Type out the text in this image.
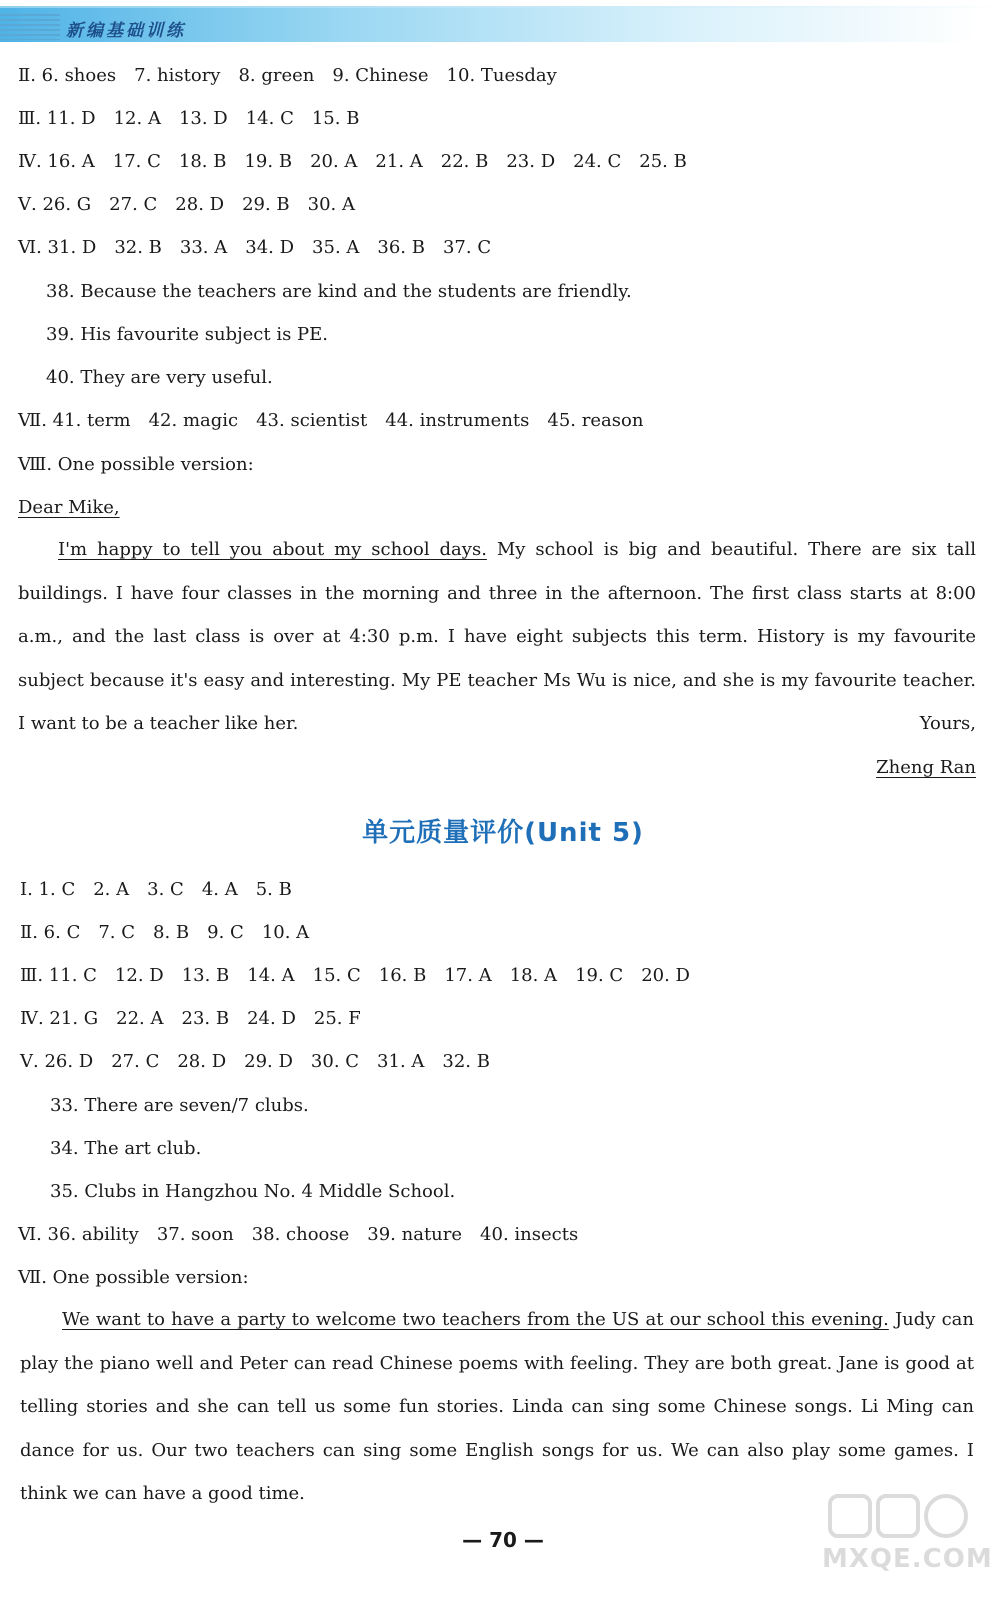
新编基础训练
Ⅱ. 6. shoes 7. history 8. green 9. Chinese 10. Tuesday
Ⅲ. 11. D 12. A 13. D 14. C 15. B
Ⅳ. 16. A 17. C 18. B 19. B 20. A 21. A 22. B 23. D 24. C 25. B
Ⅴ. 26. G 27. C 28. D 29. B 30. A
Ⅵ. 31. D 32. B 33. A 34. D 35. A 36. B 37. C
38. Because the teachers are kind and the students are friendly.
39. His favourite subject is PE.
40. They are very useful.
Ⅶ. 41. term 42. magic 43. scientist 44. instruments 45. reason
Ⅷ. One possible version:
Dear Mike,
I'm happy to tell you about my school days. My school is big and beautiful. There are six tall buildings. I have four classes in the morning and three in the afternoon. The first class starts at 8:00 a.m., and the last class is over at 4:30 p.m. I have eight subjects this term. History is my favourite subject because it's easy and interesting. My PE teacher Ms Wu is nice, and she is my favourite teacher. I want to be a teacher like her.	Yours,
Zheng Ran
单元质量评价(Unit 5)
Ⅰ. 1. C 2. A 3. C 4. A 5. B
Ⅱ. 6. C 7. C 8. B 9. C 10. A
Ⅲ. 11. C 12. D 13. B 14. A 15. C 16. B 17. A 18. A 19. C 20. D
Ⅳ. 21. G 22. A 23. B 24. D 25. F
Ⅴ. 26. D 27. C 28. D 29. D 30. C 31. A 32. B
33. There are seven/7 clubs.
34. The art club.
35. Clubs in Hangzhou No. 4 Middle School.
Ⅵ. 36. ability 37. soon 38. choose 39. nature 40. insects
Ⅶ. One possible version:
We want to have a party to welcome two teachers from the US at our school this evening. Judy can play the piano well and Peter can read Chinese poems with feeling. They are both great. Jane is good at telling stories and she can tell us some fun stories. Linda can sing some Chinese songs. Li Ming can dance for us. Our two teachers can sing some English songs for us. We can also play some games. I think we can have a good time.
— 70 —
MXQE.COM
